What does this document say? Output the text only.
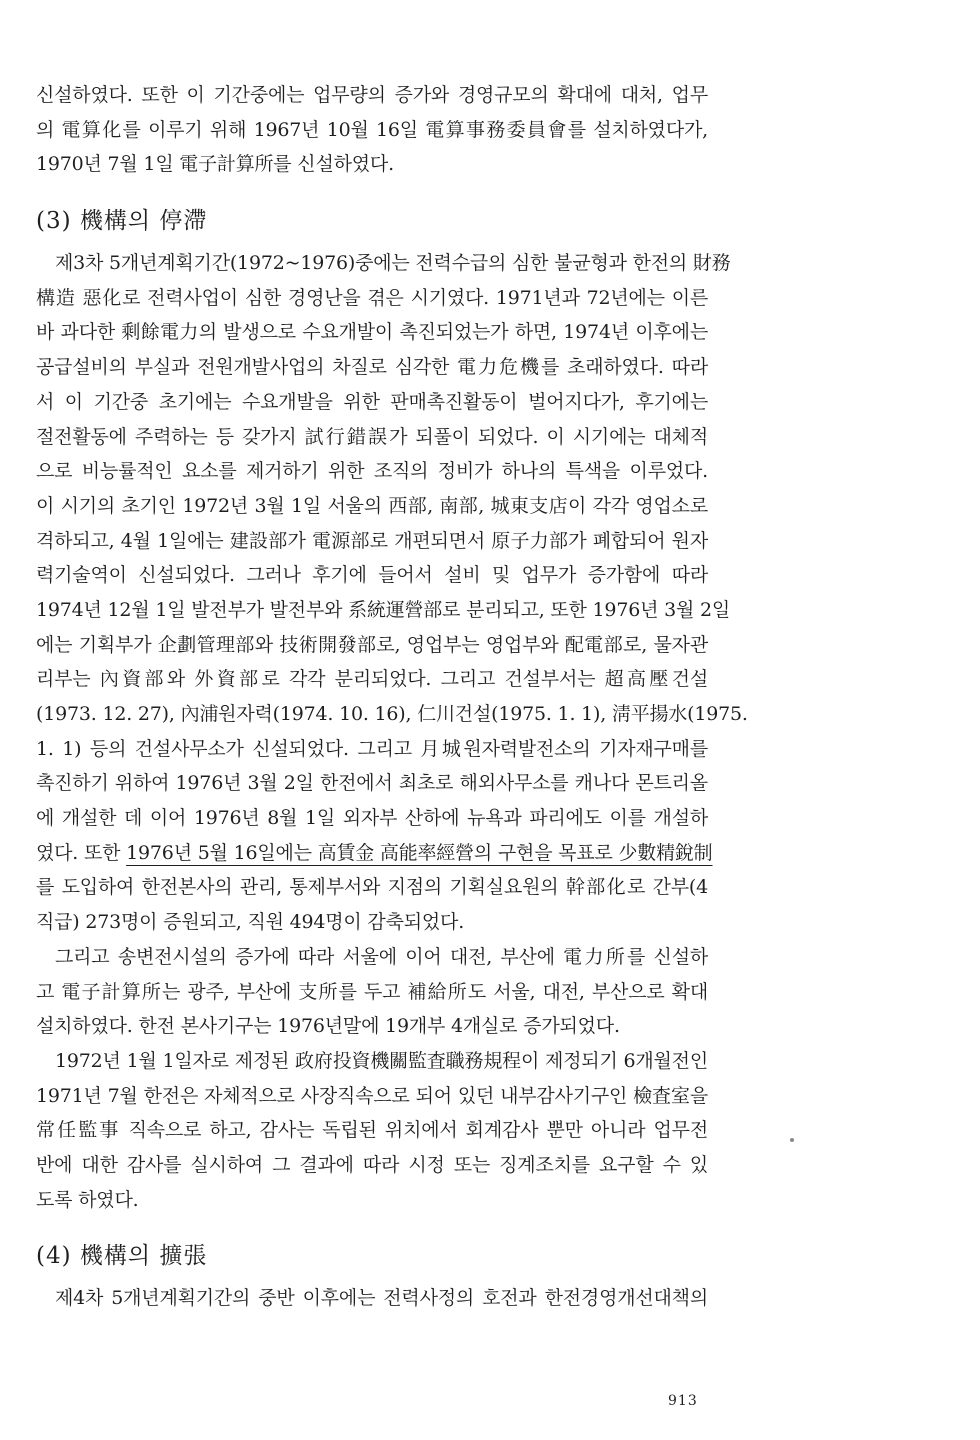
신설하였다. 또한 이 기간중에는 업무량의 증가와 경영규모의 확대에 대처, 업무
의 電算化를 이루기 위해 1967년 10월 16일 電算事務委員會를 설치하였다가,
1970년 7월 1일 電子計算所를 신설하였다.
(3) 機構의 停滯
제3차 5개년계획기간(1972~1976)중에는 전력수급의 심한 불균형과 한전의 財務
構造 惡化로 전력사업이 심한 경영난을 겪은 시기였다. 1971년과 72년에는 이른
바 과다한 剩餘電力의 발생으로 수요개발이 촉진되었는가 하면, 1974년 이후에는
공급설비의 부실과 전원개발사업의 차질로 심각한 電力危機를 초래하였다. 따라
서 이 기간중 초기에는 수요개발을 위한 판매촉진활동이 벌어지다가, 후기에는
절전활동에 주력하는 등 갖가지 試行錯誤가 되풀이 되었다. 이 시기에는 대체적
으로 비능률적인 요소를 제거하기 위한 조직의 정비가 하나의 특색을 이루었다.
이 시기의 초기인 1972년 3월 1일 서울의 西部, 南部, 城東支店이 각각 영업소로
격하되고, 4월 1일에는 建設部가 電源部로 개편되면서 原子力部가 폐합되어 원자
력기술역이 신설되었다. 그러나 후기에 들어서 설비 및 업무가 증가함에 따라
1974년 12월 1일 발전부가 발전부와 系統運營部로 분리되고, 또한 1976년 3월 2일
에는 기획부가 企劃管理部와 技術開發部로, 영업부는 영업부와 配電部로, 물자관
리부는 內資部와 外資部로 각각 분리되었다. 그리고 건설부서는 超高壓건설
(1973. 12. 27), 內浦원자력(1974. 10. 16), 仁川건설(1975. 1. 1), 淸平揚水(1975.
1. 1) 등의 건설사무소가 신설되었다. 그리고 月城원자력발전소의 기자재구매를
촉진하기 위하여 1976년 3월 2일 한전에서 최초로 해외사무소를 캐나다 몬트리올
에 개설한 데 이어 1976년 8월 1일 외자부 산하에 뉴욕과 파리에도 이를 개설하
였다. 또한 1976년 5월 16일에는 高賃金 高能率經營의 구현을 목표로 少數精銳制
를 도입하여 한전본사의 관리, 통제부서와 지점의 기획실요원의 幹部化로 간부(4
직급) 273명이 증원되고, 직원 494명이 감축되었다.
그리고 송변전시설의 증가에 따라 서울에 이어 대전, 부산에 電力所를 신설하
고 電子計算所는 광주, 부산에 支所를 두고 補給所도 서울, 대전, 부산으로 확대
설치하였다. 한전 본사기구는 1976년말에 19개부 4개실로 증가되었다.
1972년 1월 1일자로 제정된 政府投資機關監査職務規程이 제정되기 6개월전인
1971년 7월 한전은 자체적으로 사장직속으로 되어 있던 내부감사기구인 檢査室을
常任監事 직속으로 하고, 감사는 독립된 위치에서 회계감사 뿐만 아니라 업무전
반에 대한 감사를 실시하여 그 결과에 따라 시정 또는 징계조치를 요구할 수 있
도록 하였다.
(4) 機構의 擴張
제4차 5개년계획기간의 중반 이후에는 전력사정의 호전과 한전경영개선대책의
913
